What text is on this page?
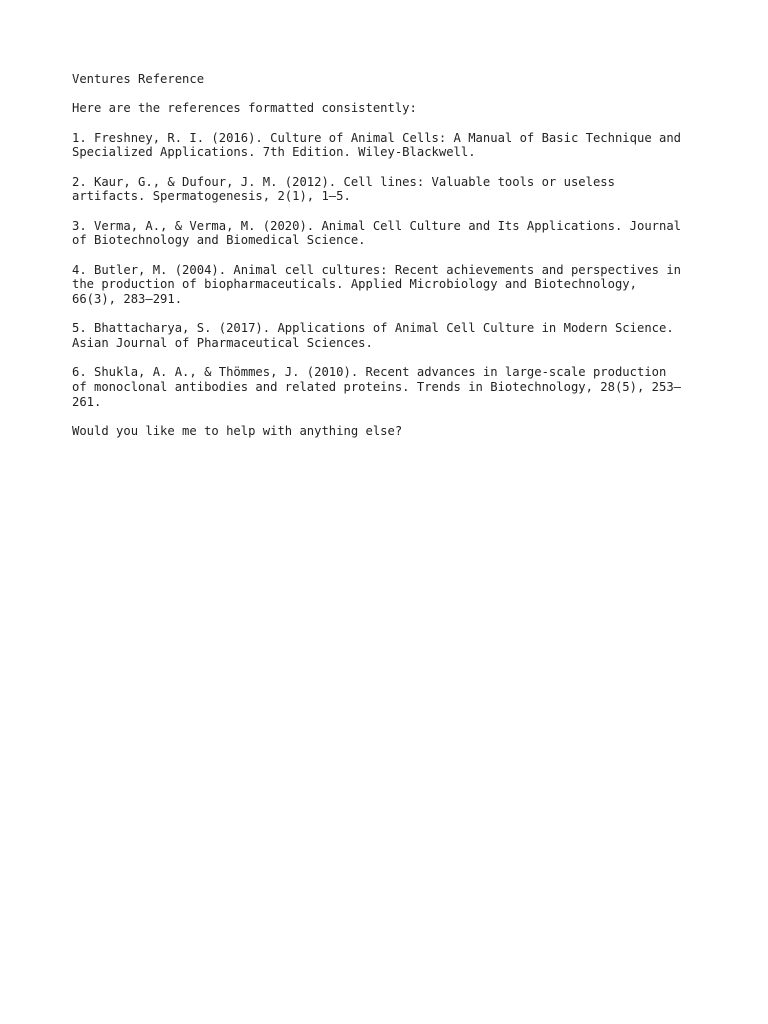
Ventures Reference

Here are the references formatted consistently:

1. Freshney, R. I. (2016). Culture of Animal Cells: A Manual of Basic Technique and
Specialized Applications. 7th Edition. Wiley-Blackwell.
2. Kaur, G., & Dufour, J. M. (2012). Cell lines: Valuable tools or useless
artifacts. Spermatogenesis, 2(1), 1–5.
3. Verma, A., & Verma, M. (2020). Animal Cell Culture and Its Applications. Journal
of Biotechnology and Biomedical Science.
4. Butler, M. (2004). Animal cell cultures: Recent achievements and perspectives in
the production of biopharmaceuticals. Applied Microbiology and Biotechnology,
66(3), 283–291.
5. Bhattacharya, S. (2017). Applications of Animal Cell Culture in Modern Science.
Asian Journal of Pharmaceutical Sciences.
6. Shukla, A. A., & Thömmes, J. (2010). Recent advances in large-scale production
of monoclonal antibodies and related proteins. Trends in Biotechnology, 28(5), 253–
261.

Would you like me to help with anything else?
